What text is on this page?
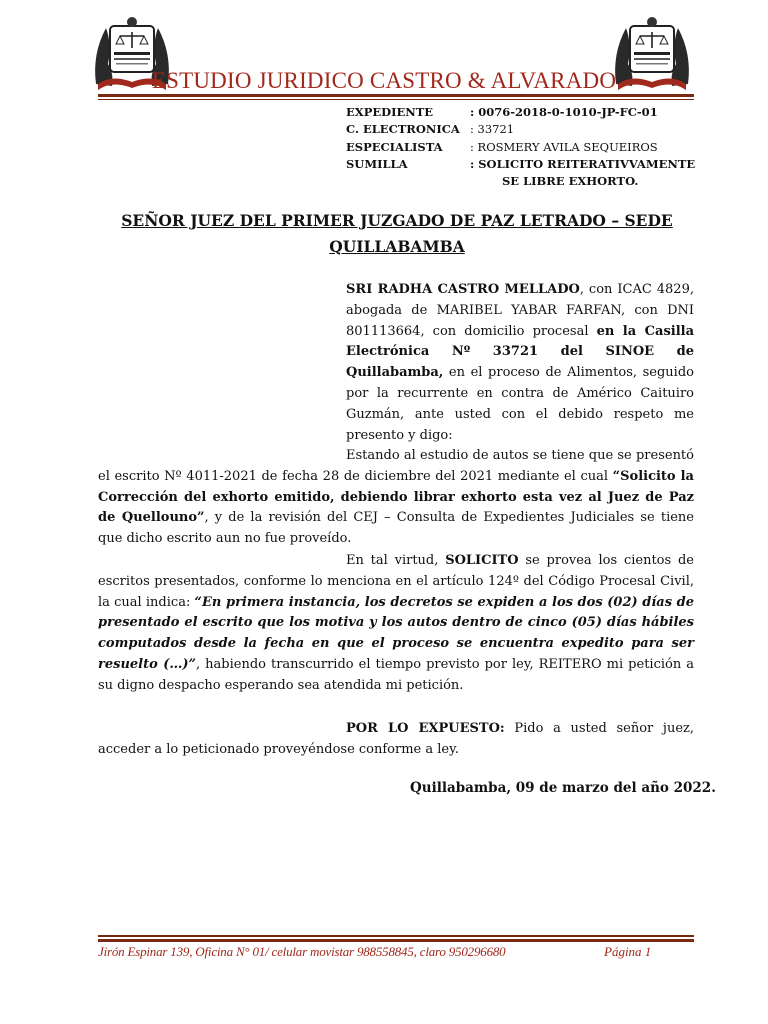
ESTUDIO JURIDICO CASTRO & ALVARADO
EXPEDIENTE	: 0076-2018-0-1010-JP-FC-01
C. ELECTRONICA : 33721
ESPECIALISTA	: ROSMERY AVILA SEQUEIROS
SUMILLA	: SOLICITO REITERATIVVAMENTE
SE LIBRE EXHORTO.
SEÑOR JUEZ DEL PRIMER JUZGADO DE PAZ LETRADO – SEDE
QUILLABAMBA
SRI RADHA CASTRO MELLADO, con ICAC 4829, abogada de MARIBEL YABAR FARFAN, con DNI 801113664, con domicilio procesal en la Casilla Electrónica Nº 33721 del SINOE de Quillabamba, en el proceso de Alimentos, seguido por la recurrente en contra de Américo Caituiro Guzmán, ante usted con el debido respeto me presento y digo:
Estando al estudio de autos se tiene que se presentó el escrito Nº 4011-2021 de fecha 28 de diciembre del 2021 mediante el cual “Solicito la Corrección del exhorto emitido, debiendo librar exhorto esta vez al Juez de Paz de Quellouno”, y de la revisión del CEJ – Consulta de Expedientes Judiciales se tiene que dicho escrito aun no fue proveído.
En tal virtud, SOLICITO se provea los cientos de escritos presentados, conforme lo menciona en el artículo 124º del Código Procesal Civil, la cual indica: “En primera instancia, los decretos se expiden a los dos (02) días de presentado el escrito que los motiva y los autos dentro de cinco (05) días hábiles computados desde la fecha en que el proceso se encuentra expedito para ser resuelto (…)”, habiendo transcurrido el tiempo previsto por ley, REITERO mi petición a su digno despacho esperando sea atendida mi petición.
POR LO EXPUESTO: Pido a usted señor juez, acceder a lo peticionado proveyéndose conforme a ley.
Quillabamba, 09 de marzo del año 2022.
Jirón Espinar 139, Oficina N° 01/ celular movistar 988558845, claro 950296680	Página 1
